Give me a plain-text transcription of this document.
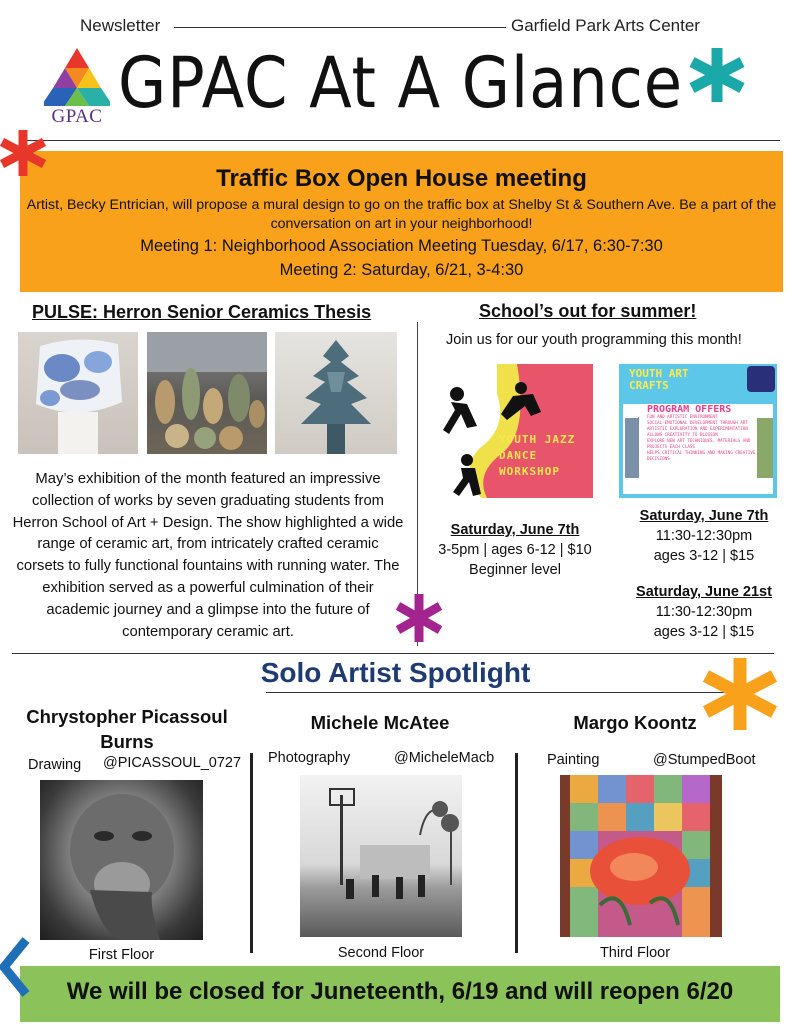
Newsletter	Garfield Park Arts Center
GPAC GPAC At A Glance
Traffic Box Open House meeting
Artist, Becky Entrician, will propose a mural design to go on the traffic box at Shelby St & Southern Ave. Be a part of the conversation on art in your neighborhood!
Meeting 1: Neighborhood Association Meeting Tuesday, 6/17, 6:30-7:30
Meeting 2: Saturday, 6/21, 3-4:30
PULSE: Herron Senior Ceramics Thesis
May’s exhibition of the month featured an impressive collection of works by seven graduating students from Herron School of Art + Design. The show highlighted a wide range of ceramic art, from intricately crafted ceramic corsets to fully functional fountains with running water. The exhibition served as a powerful culmination of their academic journey and a glimpse into the future of contemporary ceramic art.
School’s out for summer!
Join us for our youth programming this month!
YOUTH JAZZ DANCE WORKSHOP
YOUTH ART CRAFTS
PROGRAM OFFERS
• FUN AND ARTISTIC ENVIRONMENT
• SOCIAL-EMOTIONAL DEVELOPMENT THROUGH ART
• ARTISTIC EXPLORATION AND EXPERIMENTATION
• ALLOWS CREATIVITY TO BLOSSOM
• EXPLORE NEW ART TECHNIQUES, MATERIALS AND PROJECTS EACH CLASS
• HELPS CRITICAL THINKING AND MAKING CREATIVE DECISIONS
Saturday, June 7th
3-5pm | ages 6-12 | $10
Beginner level
Saturday, June 7th
11:30-12:30pm
ages 3-12 | $15
Saturday, June 21st
11:30-12:30pm
ages 3-12 | $15
Solo Artist Spotlight
Chrystopher Picassoul Burns
Drawing @PICASSOUL_0727
First Floor
Michele McAtee
Photography	@MicheleMacb
Second Floor
Margo Koontz
Painting	@StumpedBoot
Third Floor
We will be closed for Juneteenth, 6/19 and will reopen 6/20
